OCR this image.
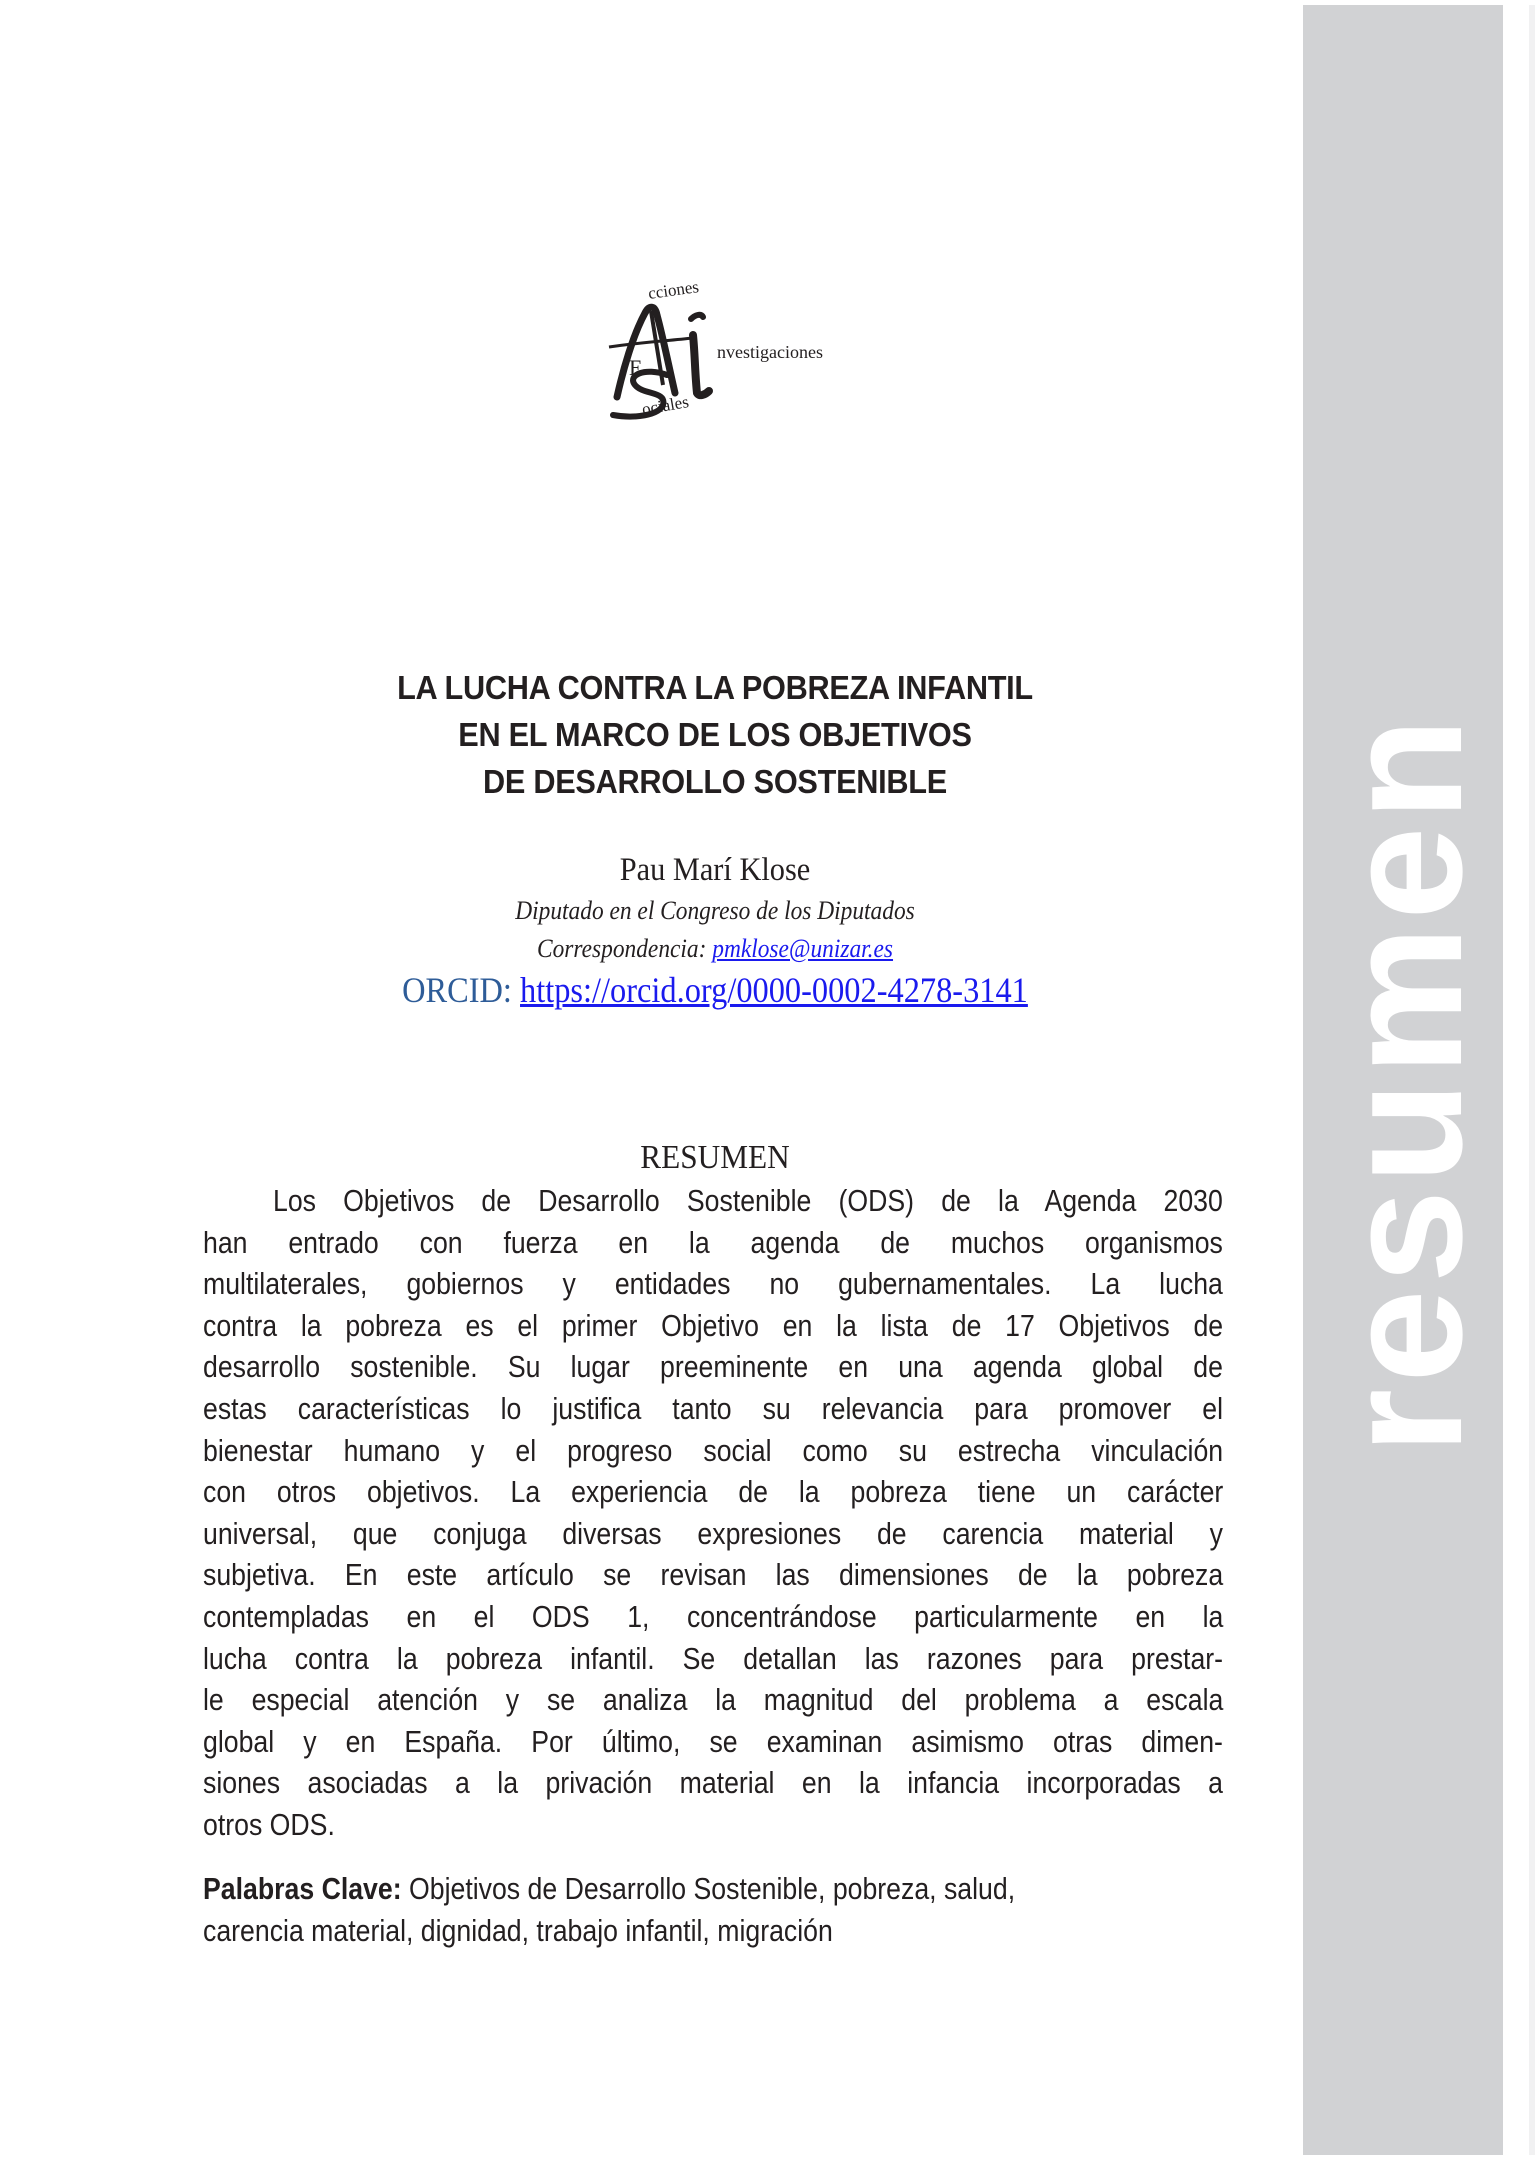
E
cciones
nvestigaciones
ociales
LA LUCHA CONTRA LA POBREZA INFANTIL
EN EL MARCO DE LOS OBJETIVOS
DE DESARROLLO SOSTENIBLE
Pau Marí Klose
Diputado en el Congreso de los Diputados
Correspondencia: pmklose@unizar.es
ORCID: https://orcid.org/0000-0002-4278-3141
RESUMEN
Los Objetivos de Desarrollo Sostenible (ODS) de la Agenda 2030
han entrado con fuerza en la agenda de muchos organismos
multilaterales, gobiernos y entidades no gubernamentales. La lucha
contra la pobreza es el primer Objetivo en la lista de 17 Objetivos de
desarrollo sostenible. Su lugar preeminente en una agenda global de
estas características lo justifica tanto su relevancia para promover el
bienestar humano y el progreso social como su estrecha vinculación
con otros objetivos. La experiencia de la pobreza tiene un carácter
universal, que conjuga diversas expresiones de carencia material y
subjetiva. En este artículo se revisan las dimensiones de la pobreza
contempladas en el ODS 1, concentrándose particularmente en la
lucha contra la pobreza infantil. Se detallan las razones para prestar-
le especial atención y se analiza la magnitud del problema a escala
global y en España. Por último, se examinan asimismo otras dimen-
siones asociadas a la privación material en la infancia incorporadas a
otros ODS.
Palabras Clave: Objetivos de Desarrollo Sostenible, pobreza, salud,
carencia material, dignidad, trabajo infantil, migración
resumen
